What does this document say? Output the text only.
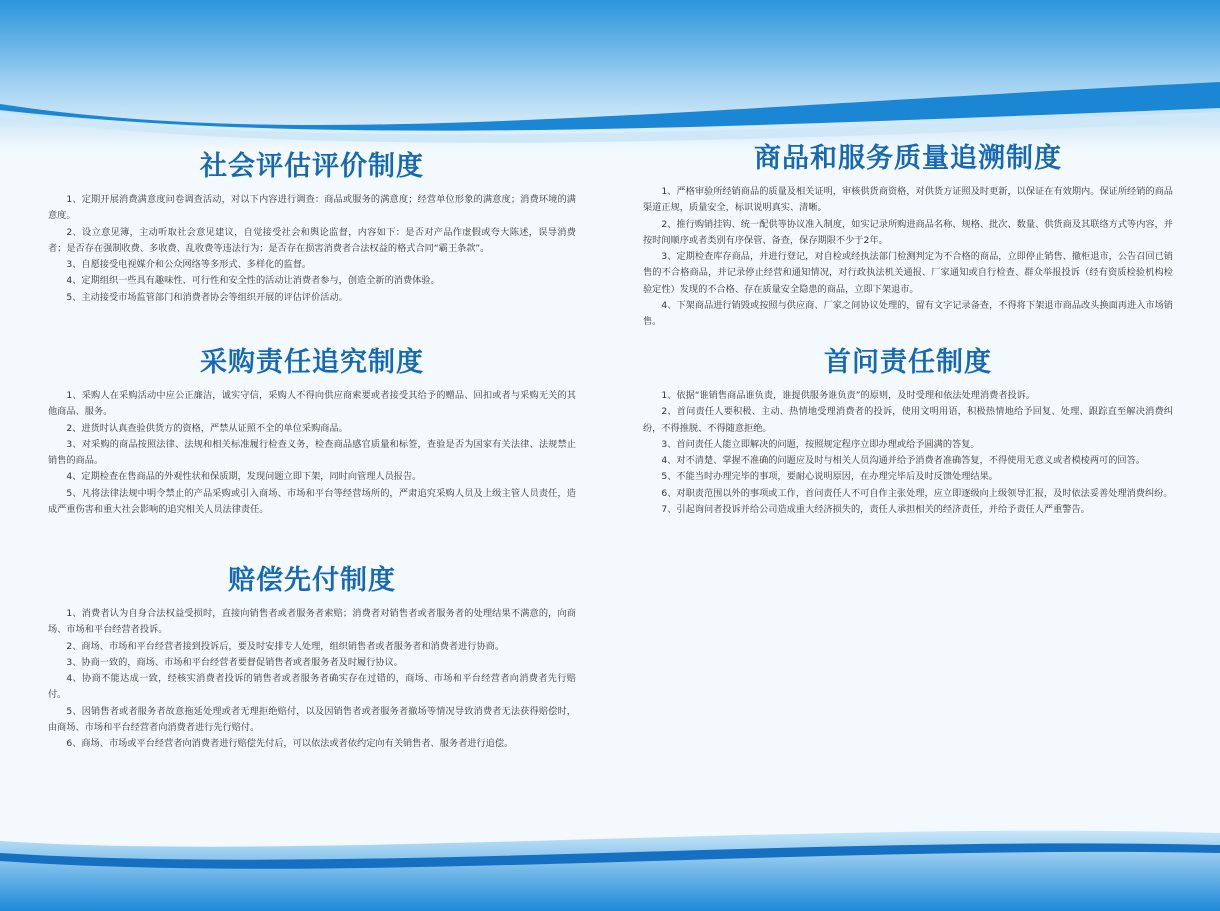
社会评估评价制度

1、定期开展消费满意度问卷调查活动，对以下内容进行调查：商品或服务的满意度；经营单位形象的满意度；消费环境的满意度。

2、设立意见簿，主动听取社会意见建议，自觉接受社会和舆论监督，内容如下：是否对产品作虚假或夸大陈述，误导消费者；是否存在强制收费、多收费、乱收费等违法行为；是否存在损害消费者合法权益的格式合同“霸王条款”。

3、自愿接受电视媒介和公众网络等多形式、多样化的监督。

4、定期组织一些具有趣味性、可行性和安全性的活动让消费者参与，创造全新的消费体验。

5、主动接受市场监管部门和消费者协会等组织开展的评估评价活动。

采购责任追究制度

1、采购人在采购活动中应公正廉洁，诚实守信，采购人不得向供应商索要或者接受其给予的赠品、回扣或者与采购无关的其他商品、服务。

2、进货时认真查验供货方的资格，严禁从证照不全的单位采购商品。

3、对采购的商品按照法律、法规和相关标准履行检查义务，检查商品感官质量和标签，查验是否为国家有关法律、法规禁止销售的商品。

4、定期检查在售商品的外观性状和保质期，发现问题立即下架，同时向管理人员报告。

5、凡将法律法规中明令禁止的产品采购或引入商场、市场和平台等经营场所的，严肃追究采购人员及上级主管人员责任，造成严重伤害和重大社会影响的追究相关人员法律责任。

赔偿先付制度

1、消费者认为自身合法权益受损时，直接向销售者或者服务者索赔；消费者对销售者或者服务者的处理结果不满意的，向商场、市场和平台经营者投诉。

2、商场、市场和平台经营者接到投诉后，要及时安排专人处理，组织销售者或者服务者和消费者进行协商。

3、协商一致的，商场、市场和平台经营者要督促销售者或者服务者及时履行协议。

4、协商不能达成一致，经核实消费者投诉的销售者或者服务者确实存在过错的，商场、市场和平台经营者向消费者先行赔付。

5、因销售者或者服务者故意拖延处理或者无理拒绝赔付，以及因销售者或者服务者撤场等情况导致消费者无法获得赔偿时，由商场、市场和平台经营者向消费者进行先行赔付。

6、商场、市场或平台经营者向消费者进行赔偿先付后，可以依法或者依约定向有关销售者、服务者进行追偿。

商品和服务质量追溯制度

1、严格审验所经销商品的质量及相关证明，审核供货商资格，对供货方证照及时更新，以保证在有效期内。保证所经销的商品渠道正规，质量安全，标识说明真实、清晰。

2、推行购销挂钩、统一配供等协议准入制度，如实记录所购进商品名称、规格、批次、数量、供货商及其联络方式等内容，并按时间顺序或者类别有序保管、备查，保存期限不少于2年。

3、定期检查库存商品，并进行登记，对自检或经执法部门检测判定为不合格的商品，立即停止销售、撤柜退市，公告召回已销售的不合格商品，并记录停止经营和通知情况，对行政执法机关通报、厂家通知或自行检查、群众举报投诉（经有资质检验机构检验定性）发现的不合格、存在质量安全隐患的商品，立即下架退市。

4、下架商品进行销毁或按照与供应商、厂家之间协议处理的，留有文字记录备查，不得将下架退市商品改头换面再进入市场销售。

首问责任制度

1、依据“谁销售商品谁负责，谁提供服务谁负责”的原则，及时受理和依法处理消费者投诉。

2、首问责任人要积极、主动、热情地受理消费者的投诉，使用文明用语，积极热情地给予回复、处理、跟踪直至解决消费纠纷，不得推脱、不得随意拒绝。

3、首问责任人能立即解决的问题，按照规定程序立即办理或给予圆满的答复。

4、对不清楚、掌握不准确的问题应及时与相关人员沟通并给予消费者准确答复，不得使用无意义或者模棱两可的回答。

5、不能当时办理完毕的事项，要耐心说明原因，在办理完毕后及时反馈处理结果。

6、对职责范围以外的事项或工作，首问责任人不可自作主张处理，应立即逐级向上级领导汇报，及时依法妥善处理消费纠纷。

7、引起询问者投诉并给公司造成重大经济损失的，责任人承担相关的经济责任，并给予责任人严重警告。
